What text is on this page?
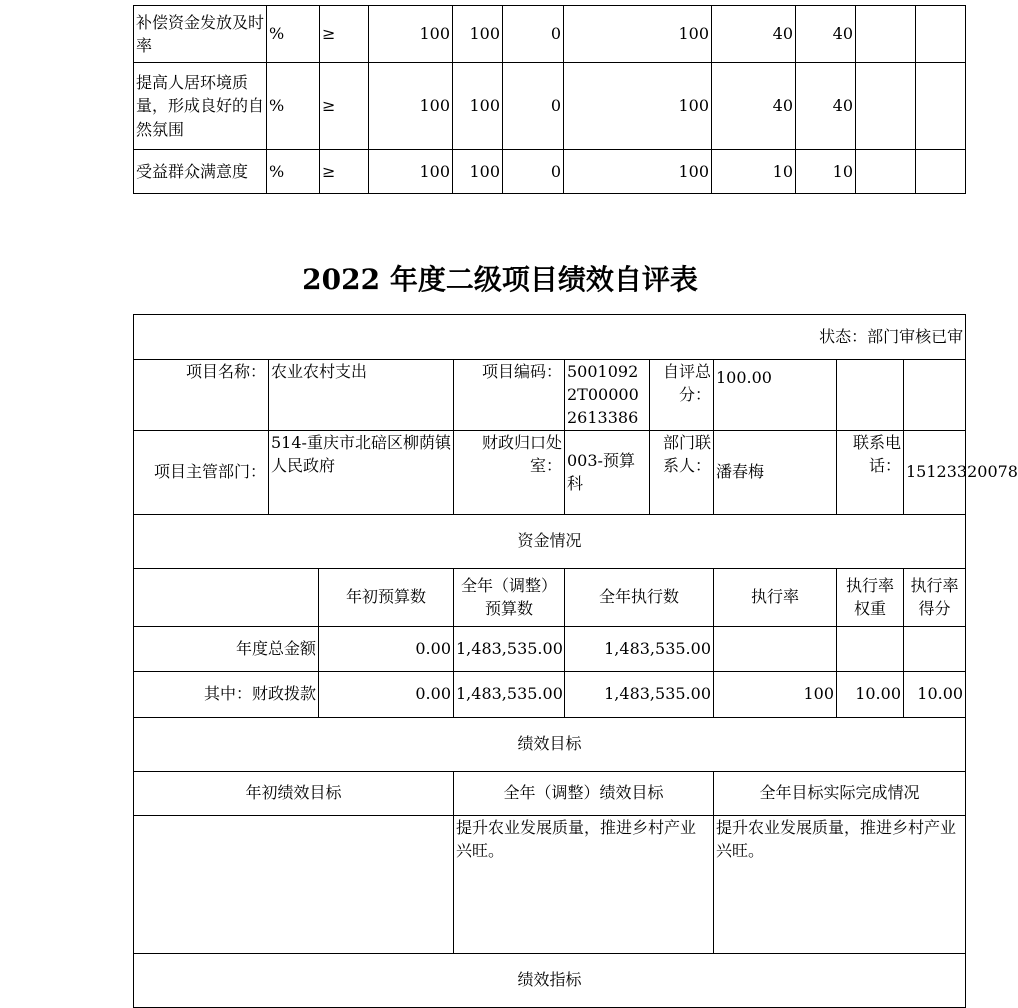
补偿资金发放及时率	%	≥	100	100	0	100	40	40		
提高人居环境质量，形成良好的自然氛围	%	≥	100	100	0	100	40	40		
受益群众满意度	%	≥	100	100	0	100	10	10		
2022 年度二级项目绩效自评表
状态：部门审核已审								
项目名称：	农业农村支出		项目编码：	50010922T000002613386	自评总分：	100.00		
项目主管部门：	514-重庆市北碚区柳荫镇人民政府		财政归口处室：	003-预算科	部门联系人：	潘春梅	联系电话：	15123320078
资金情况								
		年初预算数	全年（调整）预算数	全年执行数		执行率	执行率权重	执行率得分
年度总金额		0.00	1,483,535.00	1,483,535.00				
其中：财政拨款		0.00	1,483,535.00	1,483,535.00		100	10.00	10.00
绩效目标								
年初绩效目标			全年（调整）绩效目标			全年目标实际完成情况		
			提升农业发展质量，推进乡村产业兴旺。			提升农业发展质量，推进乡村产业兴旺。		
绩效指标								
